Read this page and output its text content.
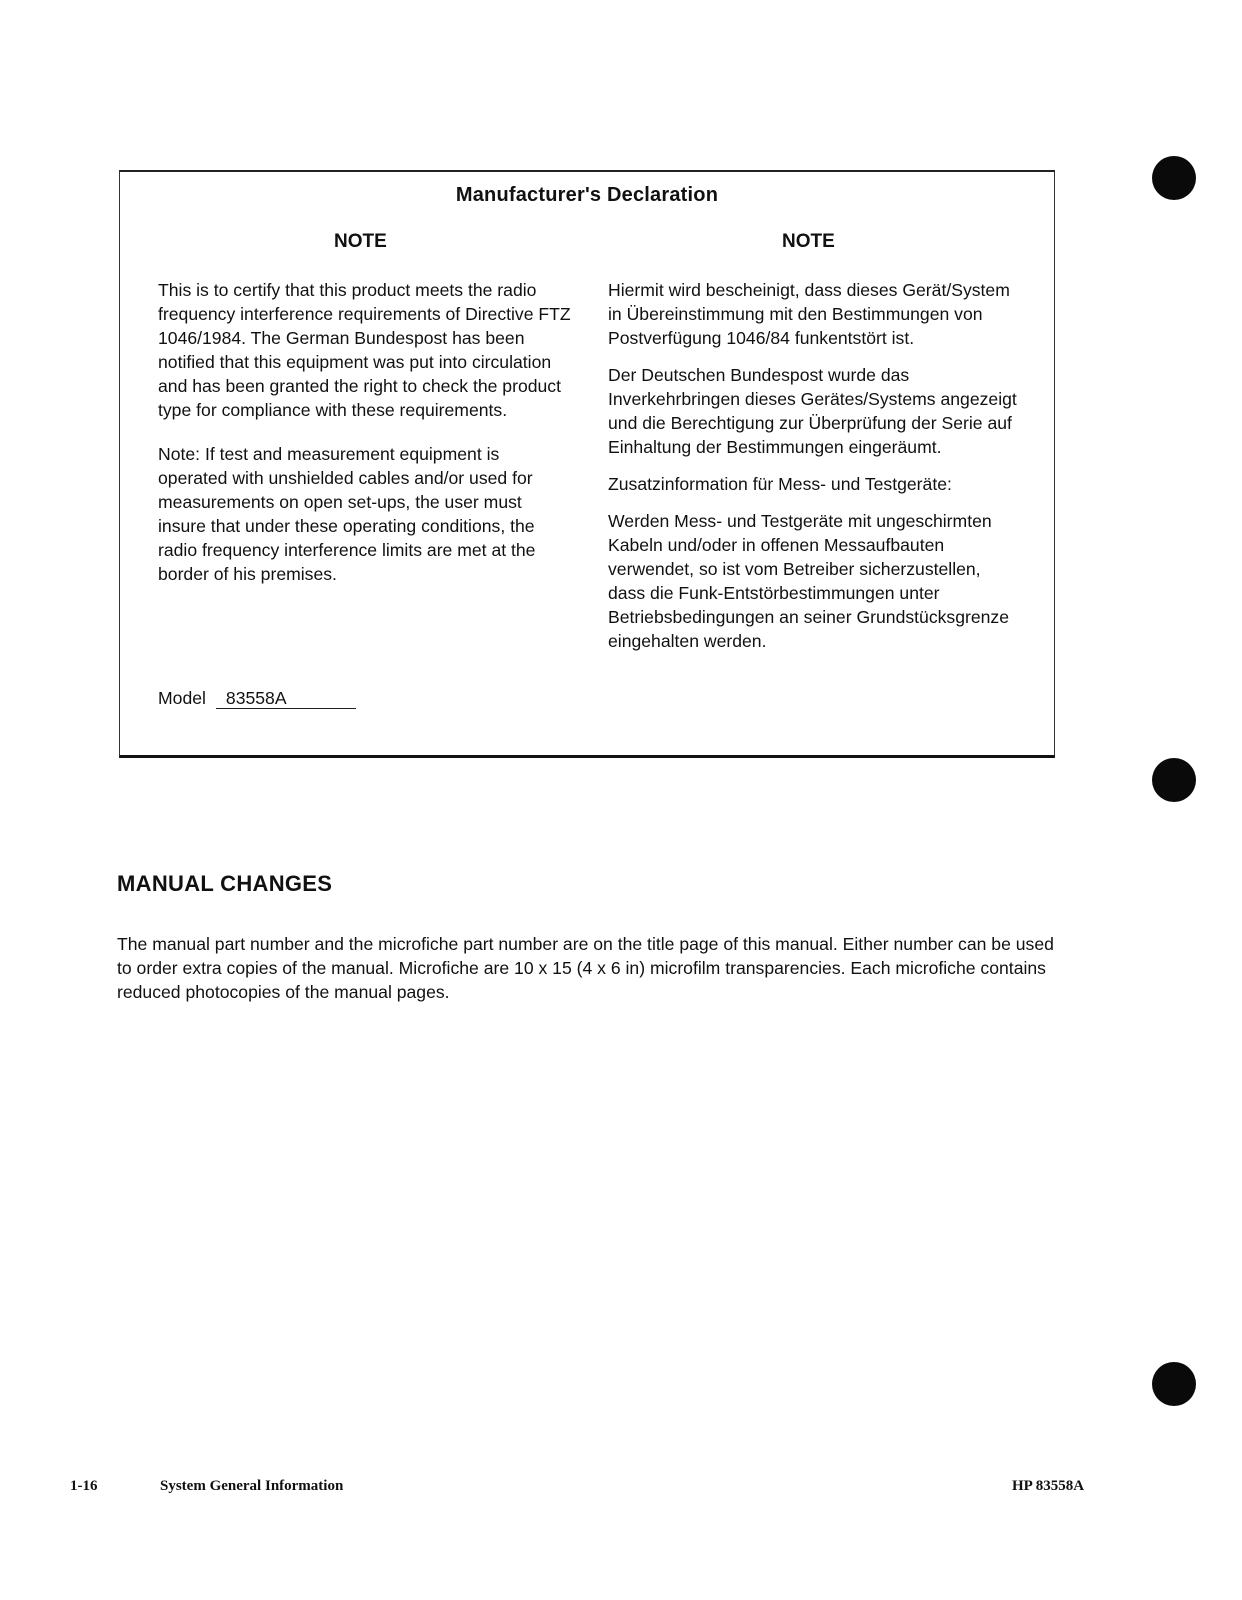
Manufacturer's Declaration
NOTE	NOTE

This is to certify that this product meets the radio frequency interference requirements of Directive FTZ 1046/1984. The German Bundespost has been notified that this equipment was put into circulation and has been granted the right to check the product type for compliance with these requirements.

Note: If test and measurement equipment is operated with unshielded cables and/or used for measurements on open set-ups, the user must insure that under these operating conditions, the radio frequency interference limits are met at the border of his premises.

Model 83558A

Hiermit wird bescheinigt, dass dieses Gerät/System in Übereinstimmung mit den Bestimmungen von Postverfügung 1046/84 funkentstört ist.

Der Deutschen Bundespost wurde das Inverkehrbringen dieses Gerätes/Systems angezeigt und die Berechtigung zur Überprüfung der Serie auf Einhaltung der Bestimmungen eingeräumt.

Zusatzinformation für Mess- und Testgeräte:

Werden Mess- und Testgeräte mit ungeschirmten Kabeln und/oder in offenen Messaufbauten verwendet, so ist vom Betreiber sicherzustellen, dass die Funk-Entstörbestimmungen unter Betriebsbedingungen an seiner Grundstücksgrenze eingehalten werden.

MANUAL CHANGES
The manual part number and the microfiche part number are on the title page of this manual. Either number can be used to order extra copies of the manual. Microfiche are 10 x 15 (4 x 6 in) microfilm transparencies. Each microfiche contains reduced photocopies of the manual pages.
1-16	System General Information	HP 83558A
